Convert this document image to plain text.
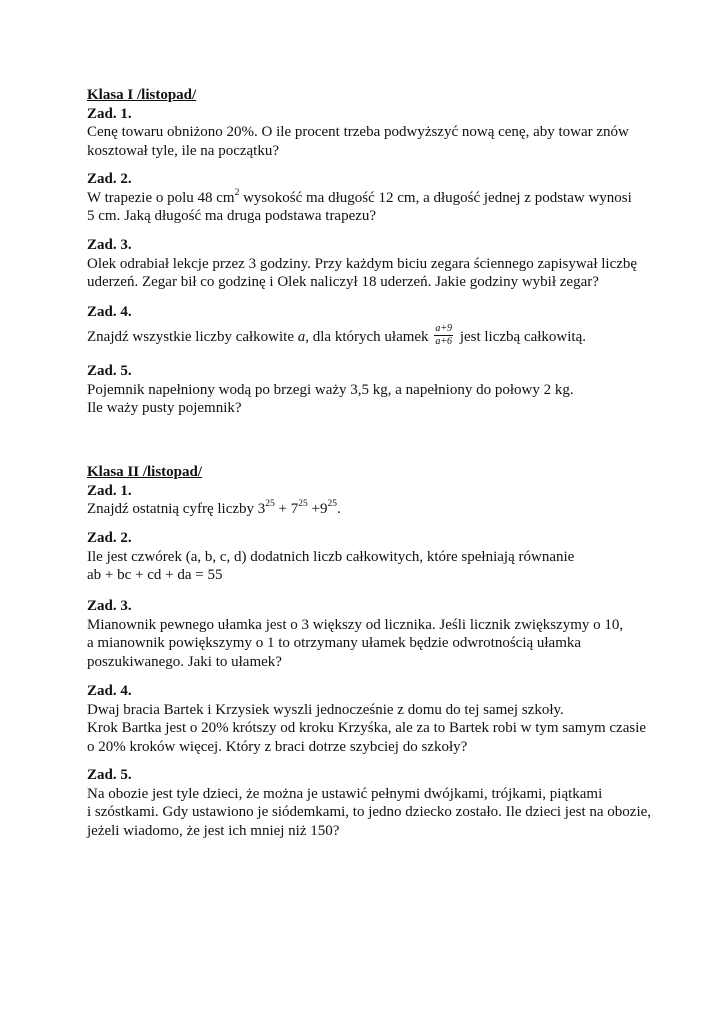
Klasa I /listopad/
Zad. 1.
Cenę towaru obniżono 20%. O ile procent trzeba podwyższyć nową cenę, aby towar znów
kosztował tyle, ile na początku?
Zad. 2.
W trapezie o polu 48 $cm^2$ wysokość ma długość 12 cm, a długość jednej z podstaw wynosi
5 cm. Jaką długość ma druga podstawa trapezu?
Zad. 3.
Olek odrabiał lekcje przez 3 godziny. Przy każdym biciu zegara ściennego zapisywał liczbę
uderzeń. Zegar bił co godzinę i Olek naliczył 18 uderzeń. Jakie godziny wybił zegar?
Zad. 4.
Znajdź wszystkie liczby całkowite a, dla których ułamek $\frac{a+9}{a+6}$ jest liczbą całkowitą.
Zad. 5.
Pojemnik napełniony wodą po brzegi waży 3,5 kg, a napełniony do połowy 2 kg.
Ile waży pusty pojemnik?
Klasa II /listopad/
Zad. 1.
Znajdź ostatnią cyfrę liczby $3^{25} + 7^{25} +9^{25}$.
Zad. 2.
Ile jest czwórek (a, b, c, d) dodatnich liczb całkowitych, które spełniają równanie
ab + bc + cd + da = 55
Zad. 3.
Mianownik pewnego ułamka jest o 3 większy od licznika. Jeśli licznik zwiększymy o 10,
a mianownik powiększymy o 1 to otrzymany ułamek będzie odwrotnością ułamka
poszukiwanego. Jaki to ułamek?
Zad. 4.
Dwaj bracia Bartek i Krzysiek wyszli jednocześnie z domu do tej samej szkoły.
Krok Bartka jest o 20% krótszy od kroku Krzyśka, ale za to Bartek robi w tym samym czasie
o 20% kroków więcej. Który z braci dotrze szybciej do szkoły?
Zad. 5.
Na obozie jest tyle dzieci, że można je ustawić pełnymi dwójkami, trójkami, piątkami
i szóstkami. Gdy ustawiono je siódemkami, to jedno dziecko zostało. Ile dzieci jest na obozie,
jeżeli wiadomo, że jest ich mniej niż 150?
